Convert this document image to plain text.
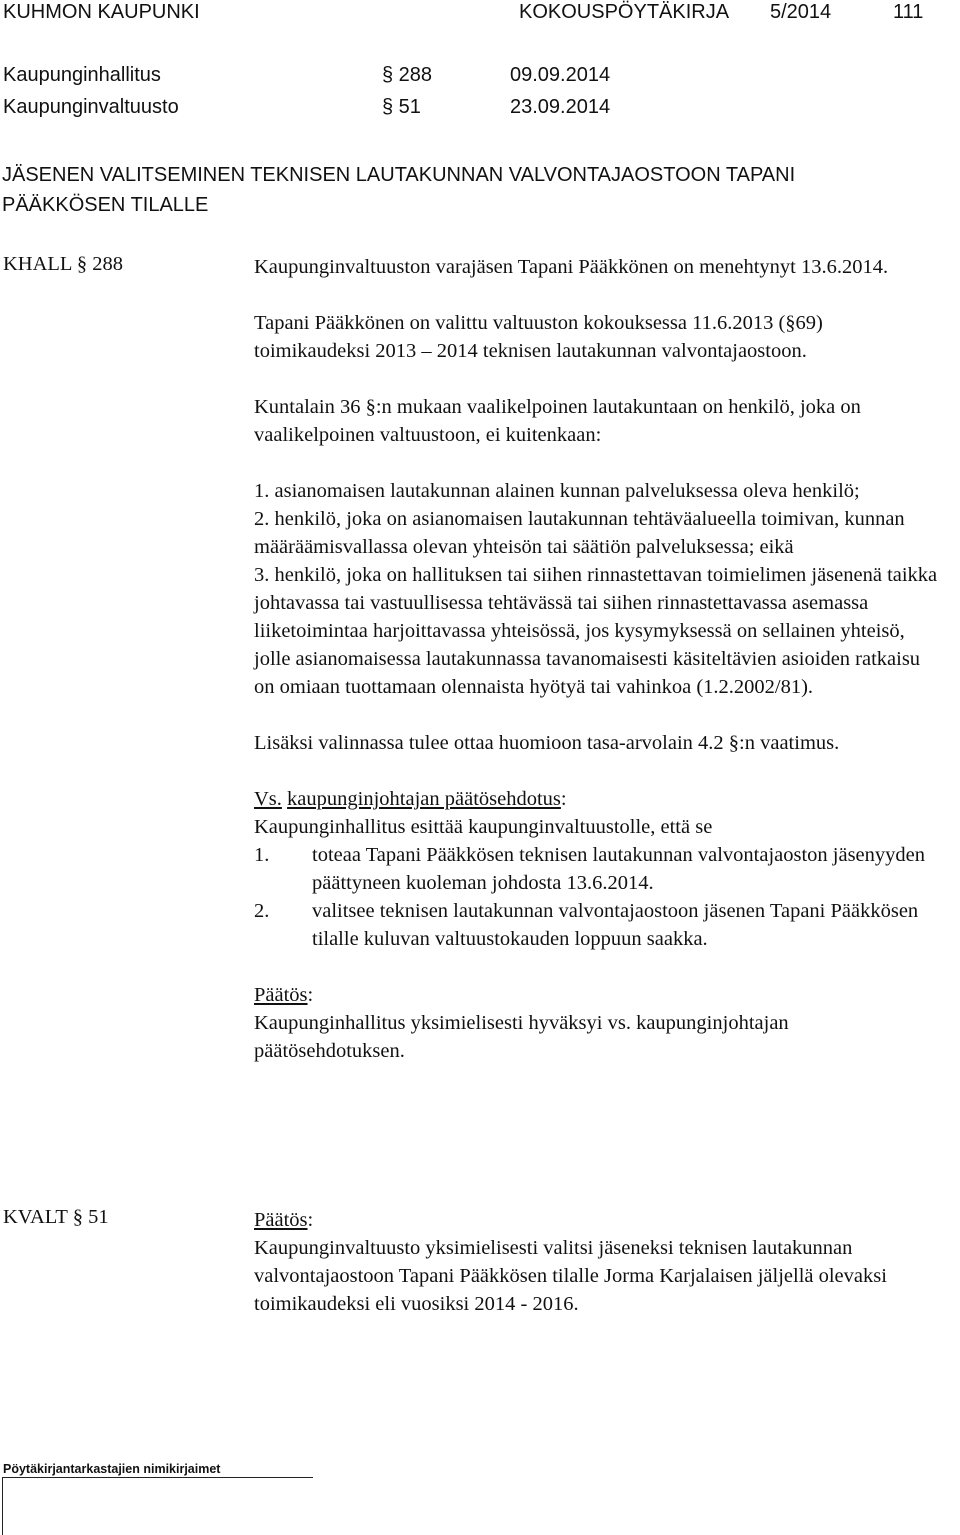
KUHMON KAUPUNKI	KOKOUSPÖYTÄKIRJA 5/2014	111
Kaupunginhallitus	§ 288	09.09.2014
Kaupunginvaltuusto	§ 51	23.09.2014
JÄSENEN VALITSEMINEN TEKNISEN LAUTAKUNNAN VALVONTAJAOSTOON TAPANI PÄÄKKÖSEN TILALLE
KHALL § 288	Kaupunginvaltuuston varajäsen Tapani Pääkkönen on menehtynyt 13.6.2014.

Tapani Pääkkönen on valittu valtuuston kokouksessa 11.6.2013 (§69) toimikaudeksi 2013 – 2014 teknisen lautakunnan valvontajaostoon.

Kuntalain 36 §:n mukaan vaalikelpoinen lautakuntaan on henkilö, joka on vaalikelpoinen valtuustoon, ei kuitenkaan:

1. asianomaisen lautakunnan alainen kunnan palveluksessa oleva henkilö;

2. henkilö, joka on asianomaisen lautakunnan tehtäväalueella toimivan, kunnan määräämisvallassa olevan yhteisön tai säätiön palveluksessa; eikä

3. henkilö, joka on hallituksen tai siihen rinnastettavan toimielimen jäsenenä taikka johtavassa tai vastuullisessa tehtävässä tai siihen rinnastettavassa asemassa liiketoimintaa harjoittavassa yhteisössä, jos kysymyksessä on sellainen yhteisö, jolle asianomaisessa lautakunnassa tavanomaisesti käsiteltävien asioiden ratkaisu on omiaan tuottamaan olennaista hyötyä tai vahinkoa (1.2.2002/81).

Lisäksi valinnassa tulee ottaa huomioon tasa-arvolain 4.2 §:n vaatimus.

Vs. kaupunginjohtajan päätösehdotus:

Kaupunginhallitus esittää kaupunginvaltuustolle, että se

1.	toteaa Tapani Pääkkösen teknisen lautakunnan valvontajaoston jäsenyyden päättyneen kuoleman johdosta 13.6.2014.
2.	valitsee teknisen lautakunnan valvontajaostoon jäsenen Tapani Pääkkösen tilalle kuluvan valtuustokauden loppuun saakka.

Päätös:

Kaupunginhallitus yksimielisesti hyväksyi vs. kaupunginjohtajan päätösehdotuksen.

KVALT § 51	Päätös:

Kaupunginvaltuusto yksimielisesti valitsi jäseneksi teknisen lautakunnan valvontajaostoon Tapani Pääkkösen tilalle Jorma Karjalaisen jäljellä olevaksi toimikaudeksi eli vuosiksi 2014 - 2016.

Pöytäkirjantarkastajien nimikirjaimet
